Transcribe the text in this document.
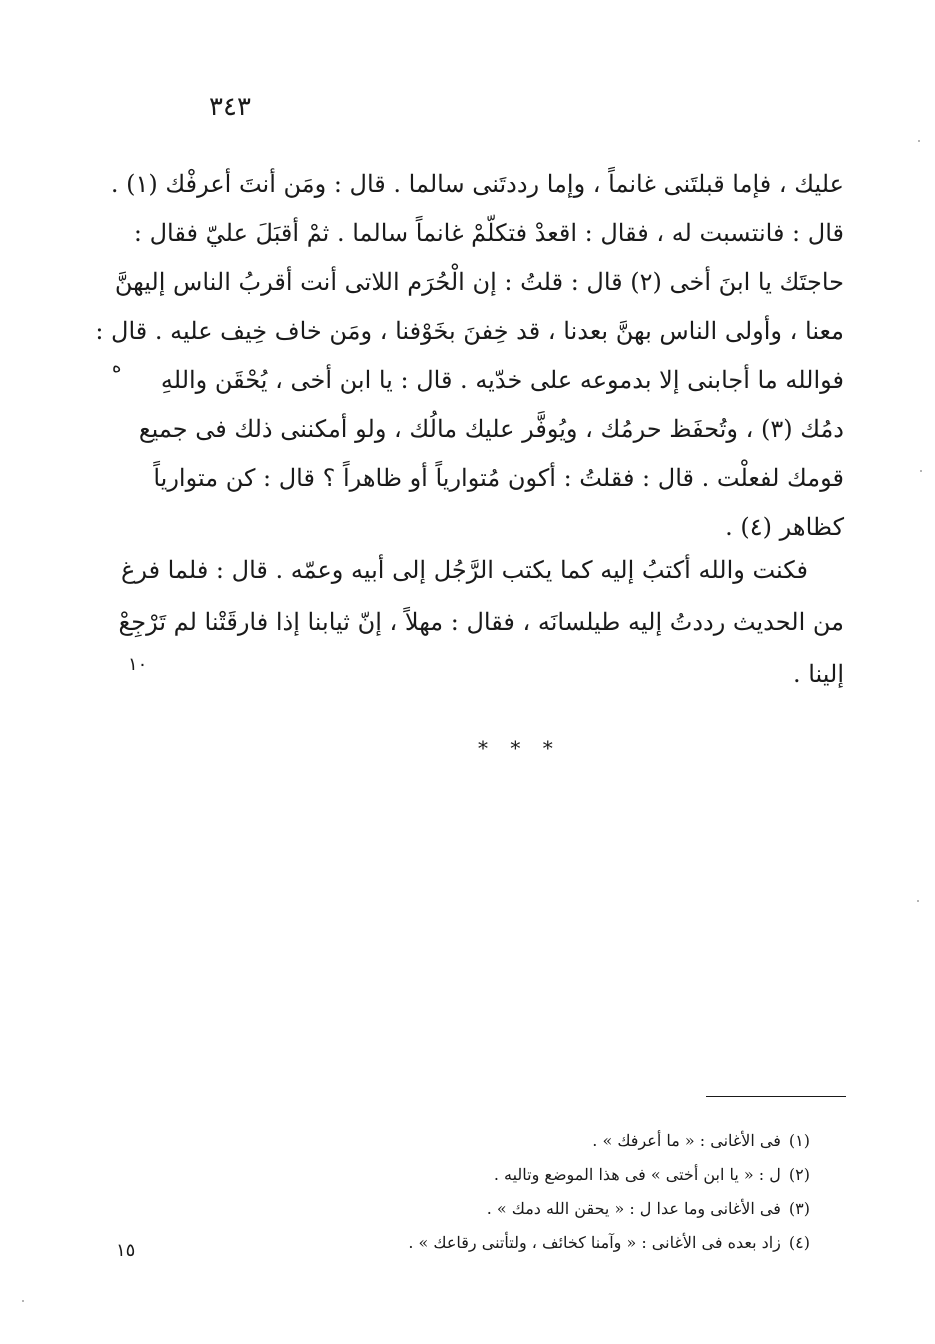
٣٤٣
عليك ، فإما قبلتَنى غانماً ، وإما رددتَنى سالما . قال : ومَن أنتَ أعرفْك (١) .
قال : فانتسبت له ، فقال : اقعدْ فتكلّمْ غانماً سالما . ثمْ أقبَلَ عليّ فقال :
حاجتَك يا ابنَ أخى (٢) قال : قلتُ : إن الْحُرَم اللاتى أنت أقربُ الناس إليهنَّ
معنا ، وأولى الناس بهنَّ بعدنا ، قد خِفنَ بخَوْفنا ، ومَن خاف خِيف عليه . قال :
فوالله ما أجابنى إلا بدموعه على خدّيه . قال : يا ابن أخى ، يُحْقَن واللهِ
دمُك (٣) ، وتُحفَظ حرمُك ، ويُوفَّر عليك مالُك ، ولو أمكننى ذلك فى جميع
قومك لفعلْت . قال : فقلتُ : أكون مُتوارياً أو ظاهراً ؟ قال : كن متوارياً
كظاهر (٤) .
ه
فكنت والله أكتبُ إليه كما يكتب الرَّجُل إلى أبيه وعمّه . قال : فلما فرغ
من الحديث رددتُ إليه طيلسانَه ، فقال : مهلاً ، إنّ ثيابنا إذا فارقَتْنا لم تَرْجِعْ
إلينا .
١٠
* * *
(١)فى الأغانى : « ما أعرفك » .
(٢)ل : « يا ابن أختى » فى هذا الموضع وتاليه .
(٣)فى الأغانى وما عدا ل : « يحقن الله دمك » .
(٤)زاد بعده فى الأغانى : « وآمنا كخائف ، ولتأتنى رقاعك » .
١٥
